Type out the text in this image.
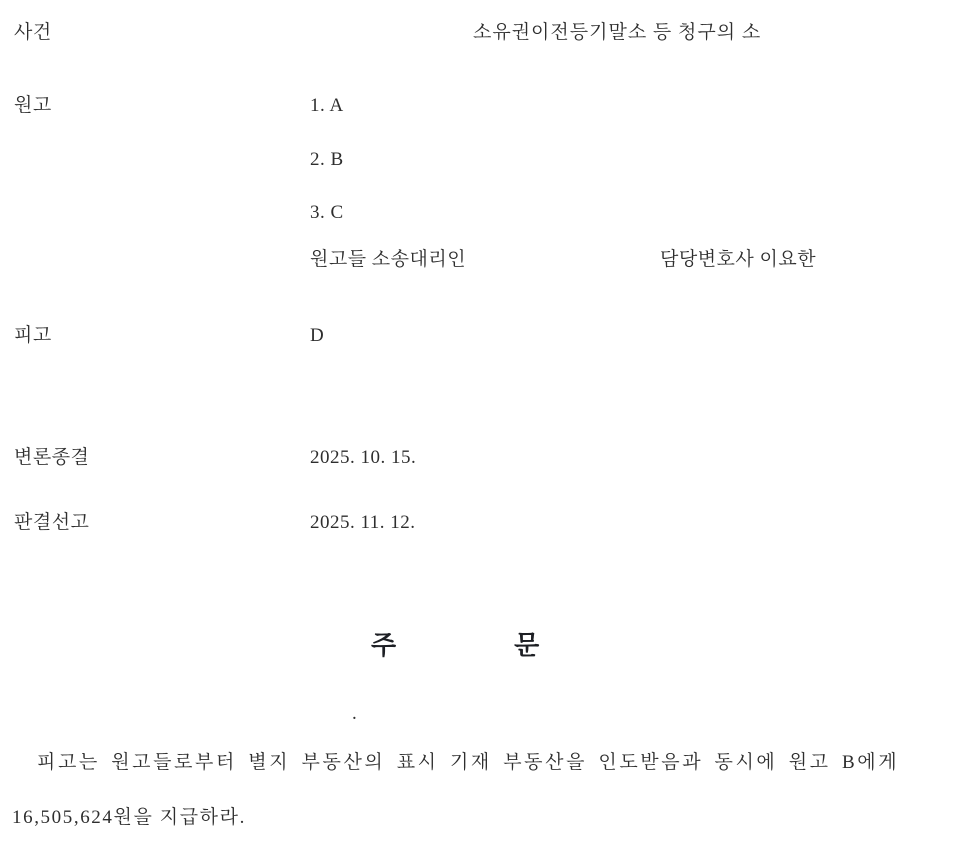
사건	소유권이전등기말소 등 청구의 소
원고	1. A
2. B
3. C
원고들 소송대리인	담당변호사 이요한
피고	D
변론종결	2025. 10. 15.
판결선고	2025. 11. 12.
주	문
.
피고는 원고들로부터 별지 부동산의 표시 기재 부동산을 인도받음과 동시에 원고 B에게
16,505,624원을 지급하라.
